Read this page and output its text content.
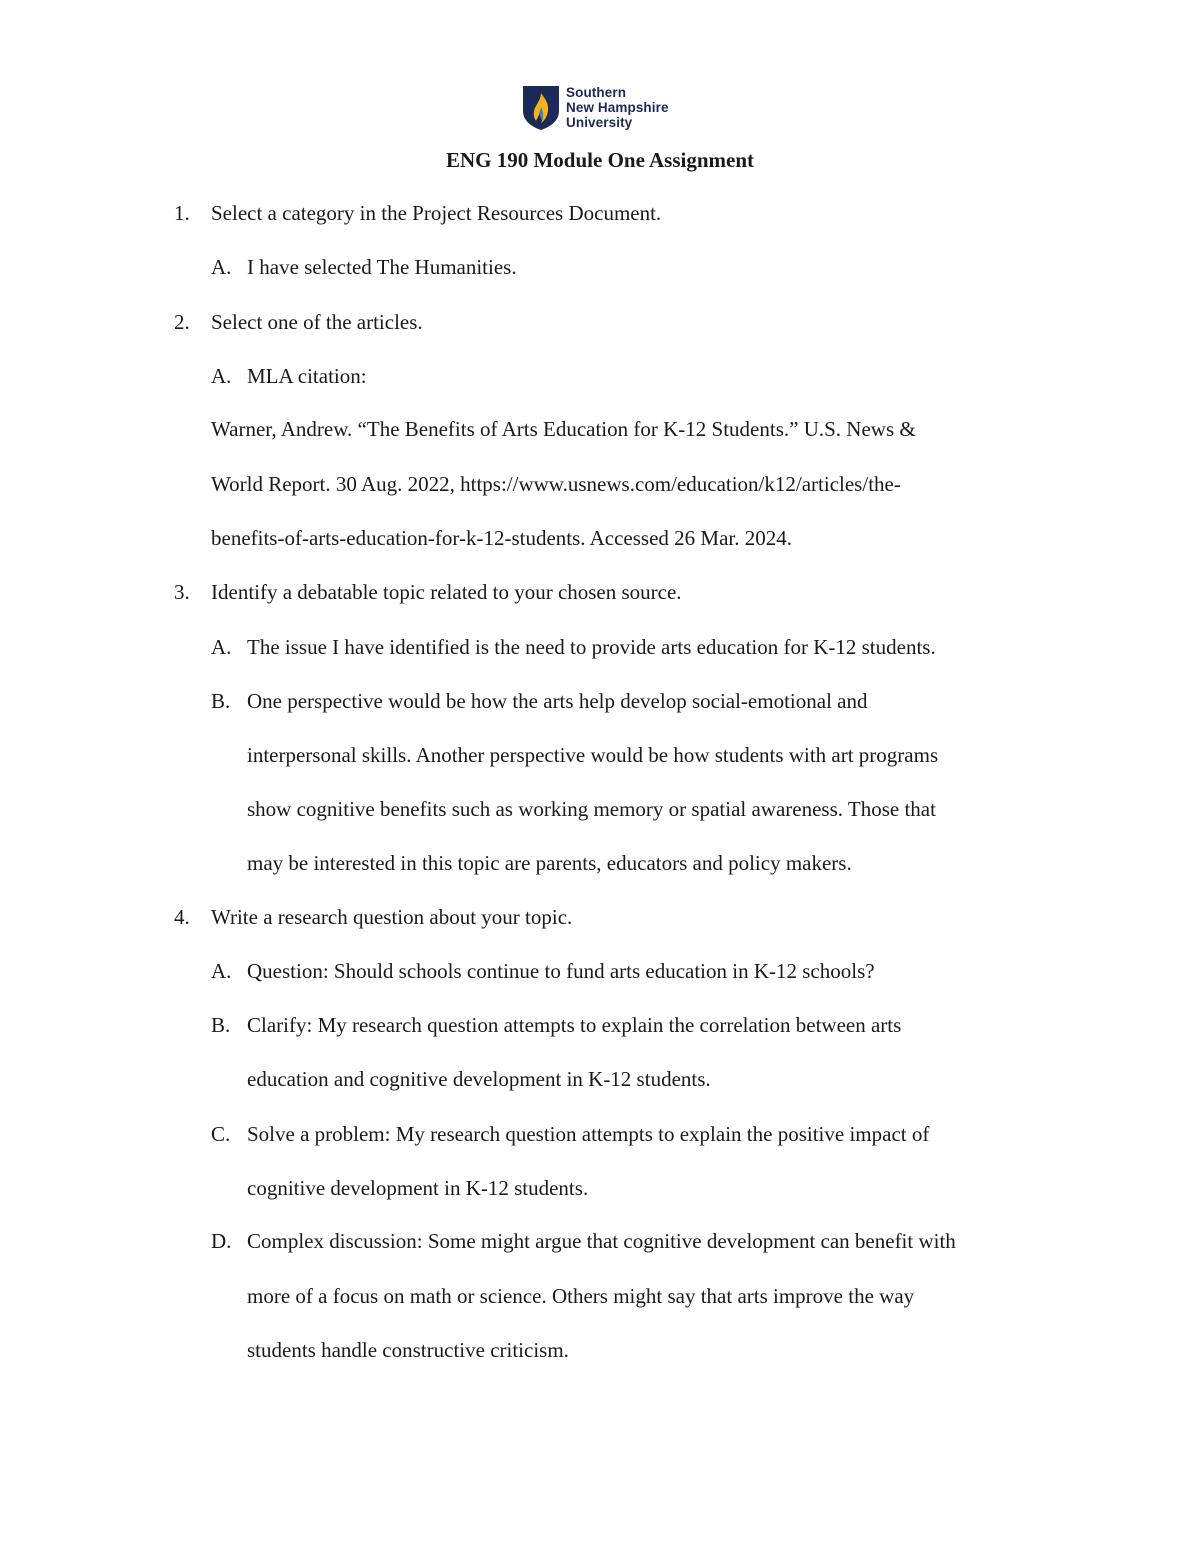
Southern
New Hampshire
University
ENG 190 Module One Assignment
1. Select a category in the Project Resources Document.
A. I have selected The Humanities.
2. Select one of the articles.
A. MLA citation:
Warner, Andrew. “The Benefits of Arts Education for K-12 Students.” U.S. News &
World Report. 30 Aug. 2022, https://www.usnews.com/education/k12/articles/the-
benefits-of-arts-education-for-k-12-students. Accessed 26 Mar. 2024.
3. Identify a debatable topic related to your chosen source.
A. The issue I have identified is the need to provide arts education for K-12 students.
B. One perspective would be how the arts help develop social-emotional and
interpersonal skills. Another perspective would be how students with art programs
show cognitive benefits such as working memory or spatial awareness. Those that
may be interested in this topic are parents, educators and policy makers.
4. Write a research question about your topic.
A. Question: Should schools continue to fund arts education in K-12 schools?
B. Clarify: My research question attempts to explain the correlation between arts
education and cognitive development in K-12 students.
C. Solve a problem: My research question attempts to explain the positive impact of
cognitive development in K-12 students.
D. Complex discussion: Some might argue that cognitive development can benefit with
more of a focus on math or science. Others might say that arts improve the way
students handle constructive criticism.
